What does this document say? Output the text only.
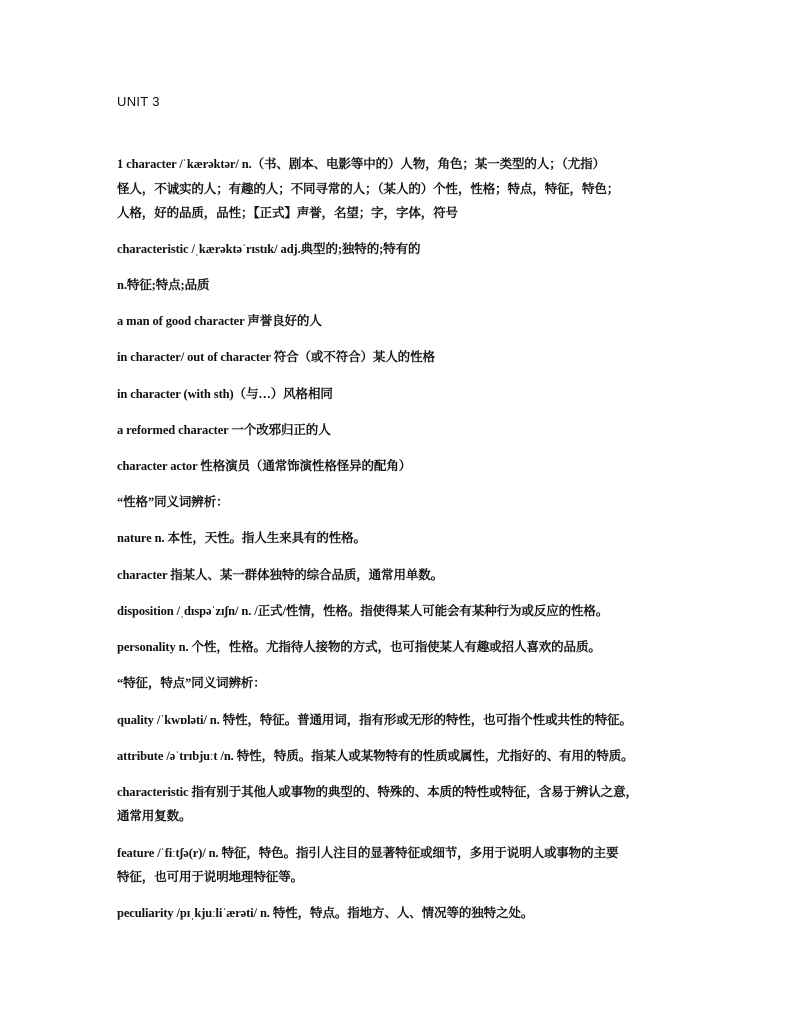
UNIT 3
1 character /ˈkærəktər/ n.（书、剧本、电影等中的）人物，角色；某一类型的人；（尤指）
怪人，不诚实的人；有趣的人；不同寻常的人；（某人的）个性，性格；特点，特征，特色；
人格，好的品质，品性；【正式】声誉，名望；字，字体，符号
characteristic /ˌkærəktəˈrɪstɪk/ adj.典型的;独特的;特有的
n.特征;特点;品质
a man of good character 声誉良好的人
in character/ out of character 符合（或不符合）某人的性格
in character (with sth)（与…）风格相同
a reformed character 一个改邪归正的人
character actor 性格演员（通常饰演性格怪异的配角）
“性格”同义词辨析：
nature n. 本性，天性。指人生来具有的性格。
character 指某人、某一群体独特的综合品质，通常用单数。
disposition /ˌdɪspəˈzɪʃn/ n. /正式/性情，性格。指使得某人可能会有某种行为或反应的性格。
personality n. 个性，性格。尤指待人接物的方式，也可指使某人有趣或招人喜欢的品质。
“特征，特点”同义词辨析：
quality /ˈkwɒləti/ n. 特性，特征。普通用词，指有形或无形的特性，也可指个性或共性的特征。
attribute /əˈtrɪbjuːt /n. 特性，特质。指某人或某物特有的性质或属性，尤指好的、有用的特质。
characteristic 指有别于其他人或事物的典型的、特殊的、本质的特性或特征，含易于辨认之意，
通常用复数。
feature /ˈfiːtʃə(r)/ n. 特征，特色。指引人注目的显著特征或细节，多用于说明人或事物的主要
特征，也可用于说明地理特征等。
peculiarity /pɪˌkjuːliˈærəti/ n. 特性，特点。指地方、人、情况等的独特之处。
